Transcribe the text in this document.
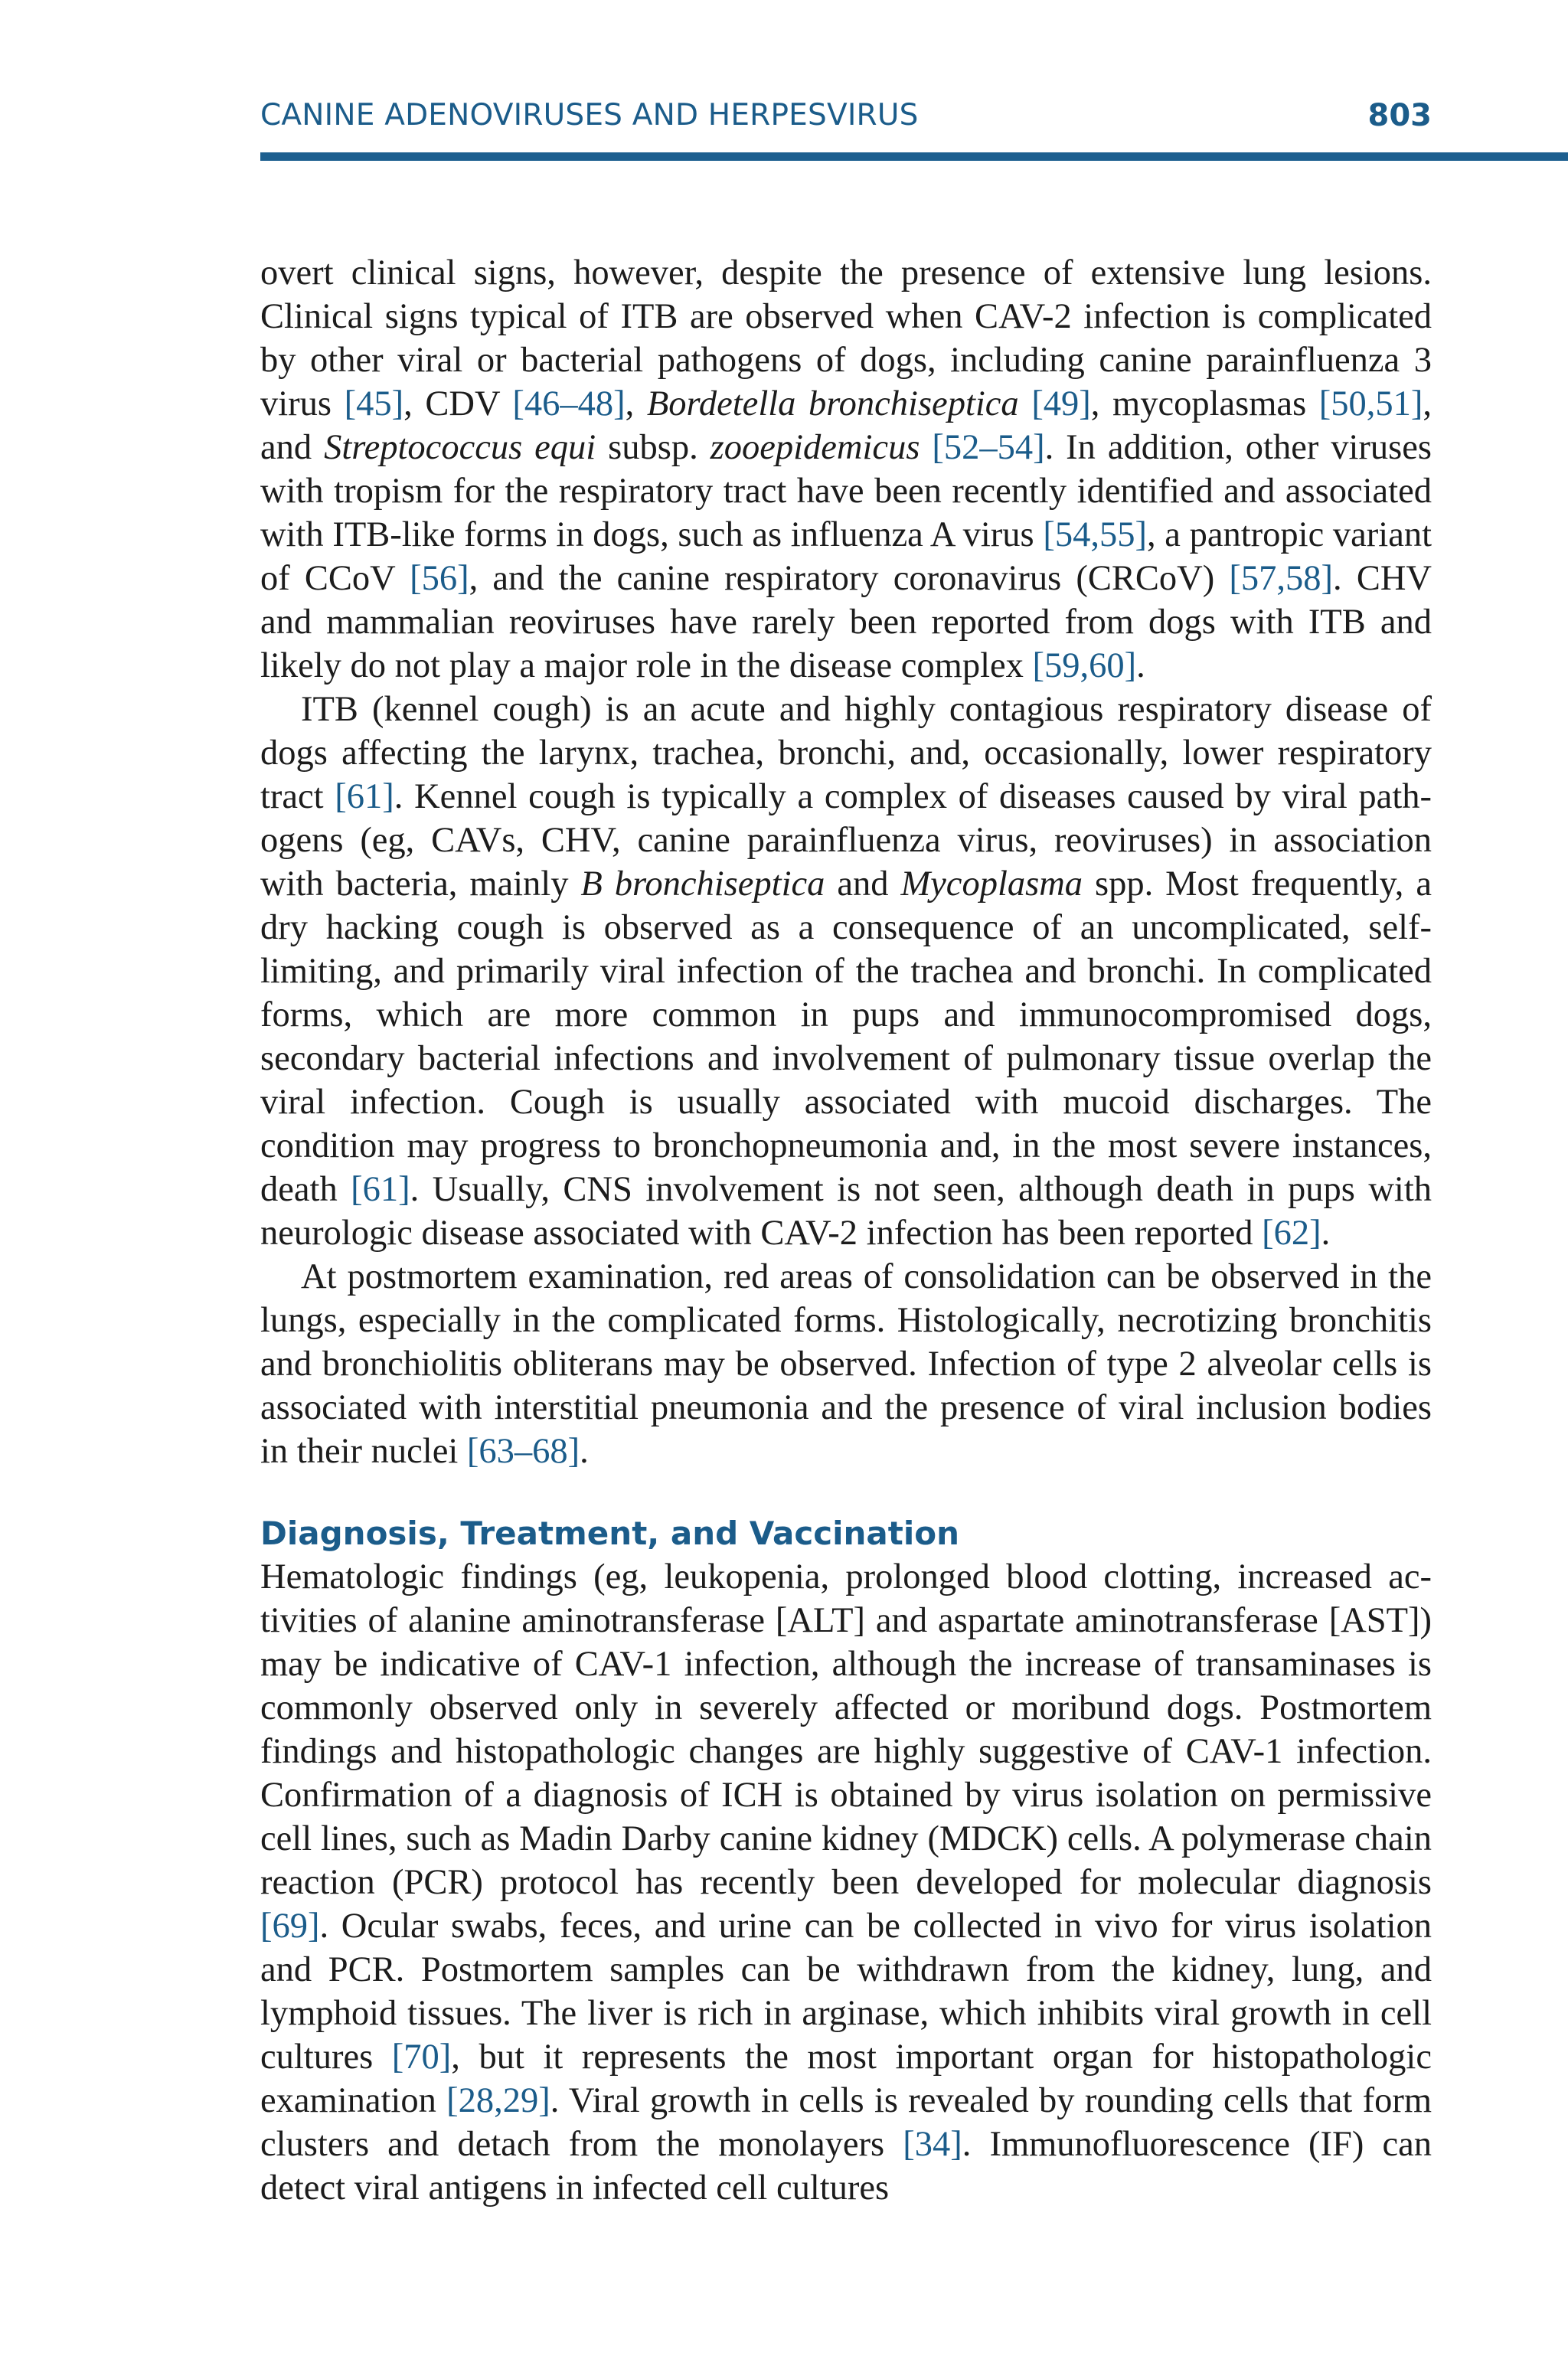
CANINE ADENOVIRUSES AND HERPESVIRUS	803

overt clinical signs, however, despite the presence of extensive lung lesions. Clinical signs typical of ITB are observed when CAV-2 infection is complicated by other viral or bacterial pathogens of dogs, including canine parainfluenza 3 virus [45], CDV [46–48], Bordetella bronchiseptica [49], mycoplasmas [50,51], and Streptococcus equi subsp. zooepidemicus [52–54]. In addition, other viruses with tropism for the respiratory tract have been recently identified and associated with ITB-like forms in dogs, such as influenza A virus [54,55], a pantropic variant of CCoV [56], and the canine respiratory coronavirus (CRCoV) [57,58]. CHV and mammalian reoviruses have rarely been reported from dogs with ITB and likely do not play a major role in the disease complex [59,60].

ITB (kennel cough) is an acute and highly contagious respiratory disease of dogs affecting the larynx, trachea, bronchi, and, occasionally, lower respiratory tract [61]. Kennel cough is typically a complex of diseases caused by viral pathogens (eg, CAVs, CHV, canine parainfluenza virus, reoviruses) in association with bacteria, mainly B bronchiseptica and Mycoplasma spp. Most frequently, a dry hacking cough is observed as a consequence of an uncomplicated, self-limiting, and primarily viral infection of the trachea and bronchi. In complicated forms, which are more common in pups and immunocompromised dogs, secondary bacterial infections and involvement of pulmonary tissue overlap the viral infection. Cough is usually associated with mucoid discharges. The condition may progress to bronchopneumonia and, in the most severe instances, death [61]. Usually, CNS involvement is not seen, although death in pups with neurologic disease associated with CAV-2 infection has been reported [62].

At postmortem examination, red areas of consolidation can be observed in the lungs, especially in the complicated forms. Histologically, necrotizing bronchitis and bronchiolitis obliterans may be observed. Infection of type 2 alveolar cells is associated with interstitial pneumonia and the presence of viral inclusion bodies in their nuclei [63–68].

Diagnosis, Treatment, and Vaccination

Hematologic findings (eg, leukopenia, prolonged blood clotting, increased activities of alanine aminotransferase [ALT] and aspartate aminotransferase [AST]) may be indicative of CAV-1 infection, although the increase of transaminases is commonly observed only in severely affected or moribund dogs. Postmortem findings and histopathologic changes are highly suggestive of CAV-1 infection. Confirmation of a diagnosis of ICH is obtained by virus isolation on permissive cell lines, such as Madin Darby canine kidney (MDCK) cells. A polymerase chain reaction (PCR) protocol has recently been developed for molecular diagnosis [69]. Ocular swabs, feces, and urine can be collected in vivo for virus isolation and PCR. Postmortem samples can be withdrawn from the kidney, lung, and lymphoid tissues. The liver is rich in arginase, which inhibits viral growth in cell cultures [70], but it represents the most important organ for histopathologic examination [28,29]. Viral growth in cells is revealed by rounding cells that form clusters and detach from the monolayers [34]. Immunofluorescence (IF) can detect viral antigens in infected cell cultures
